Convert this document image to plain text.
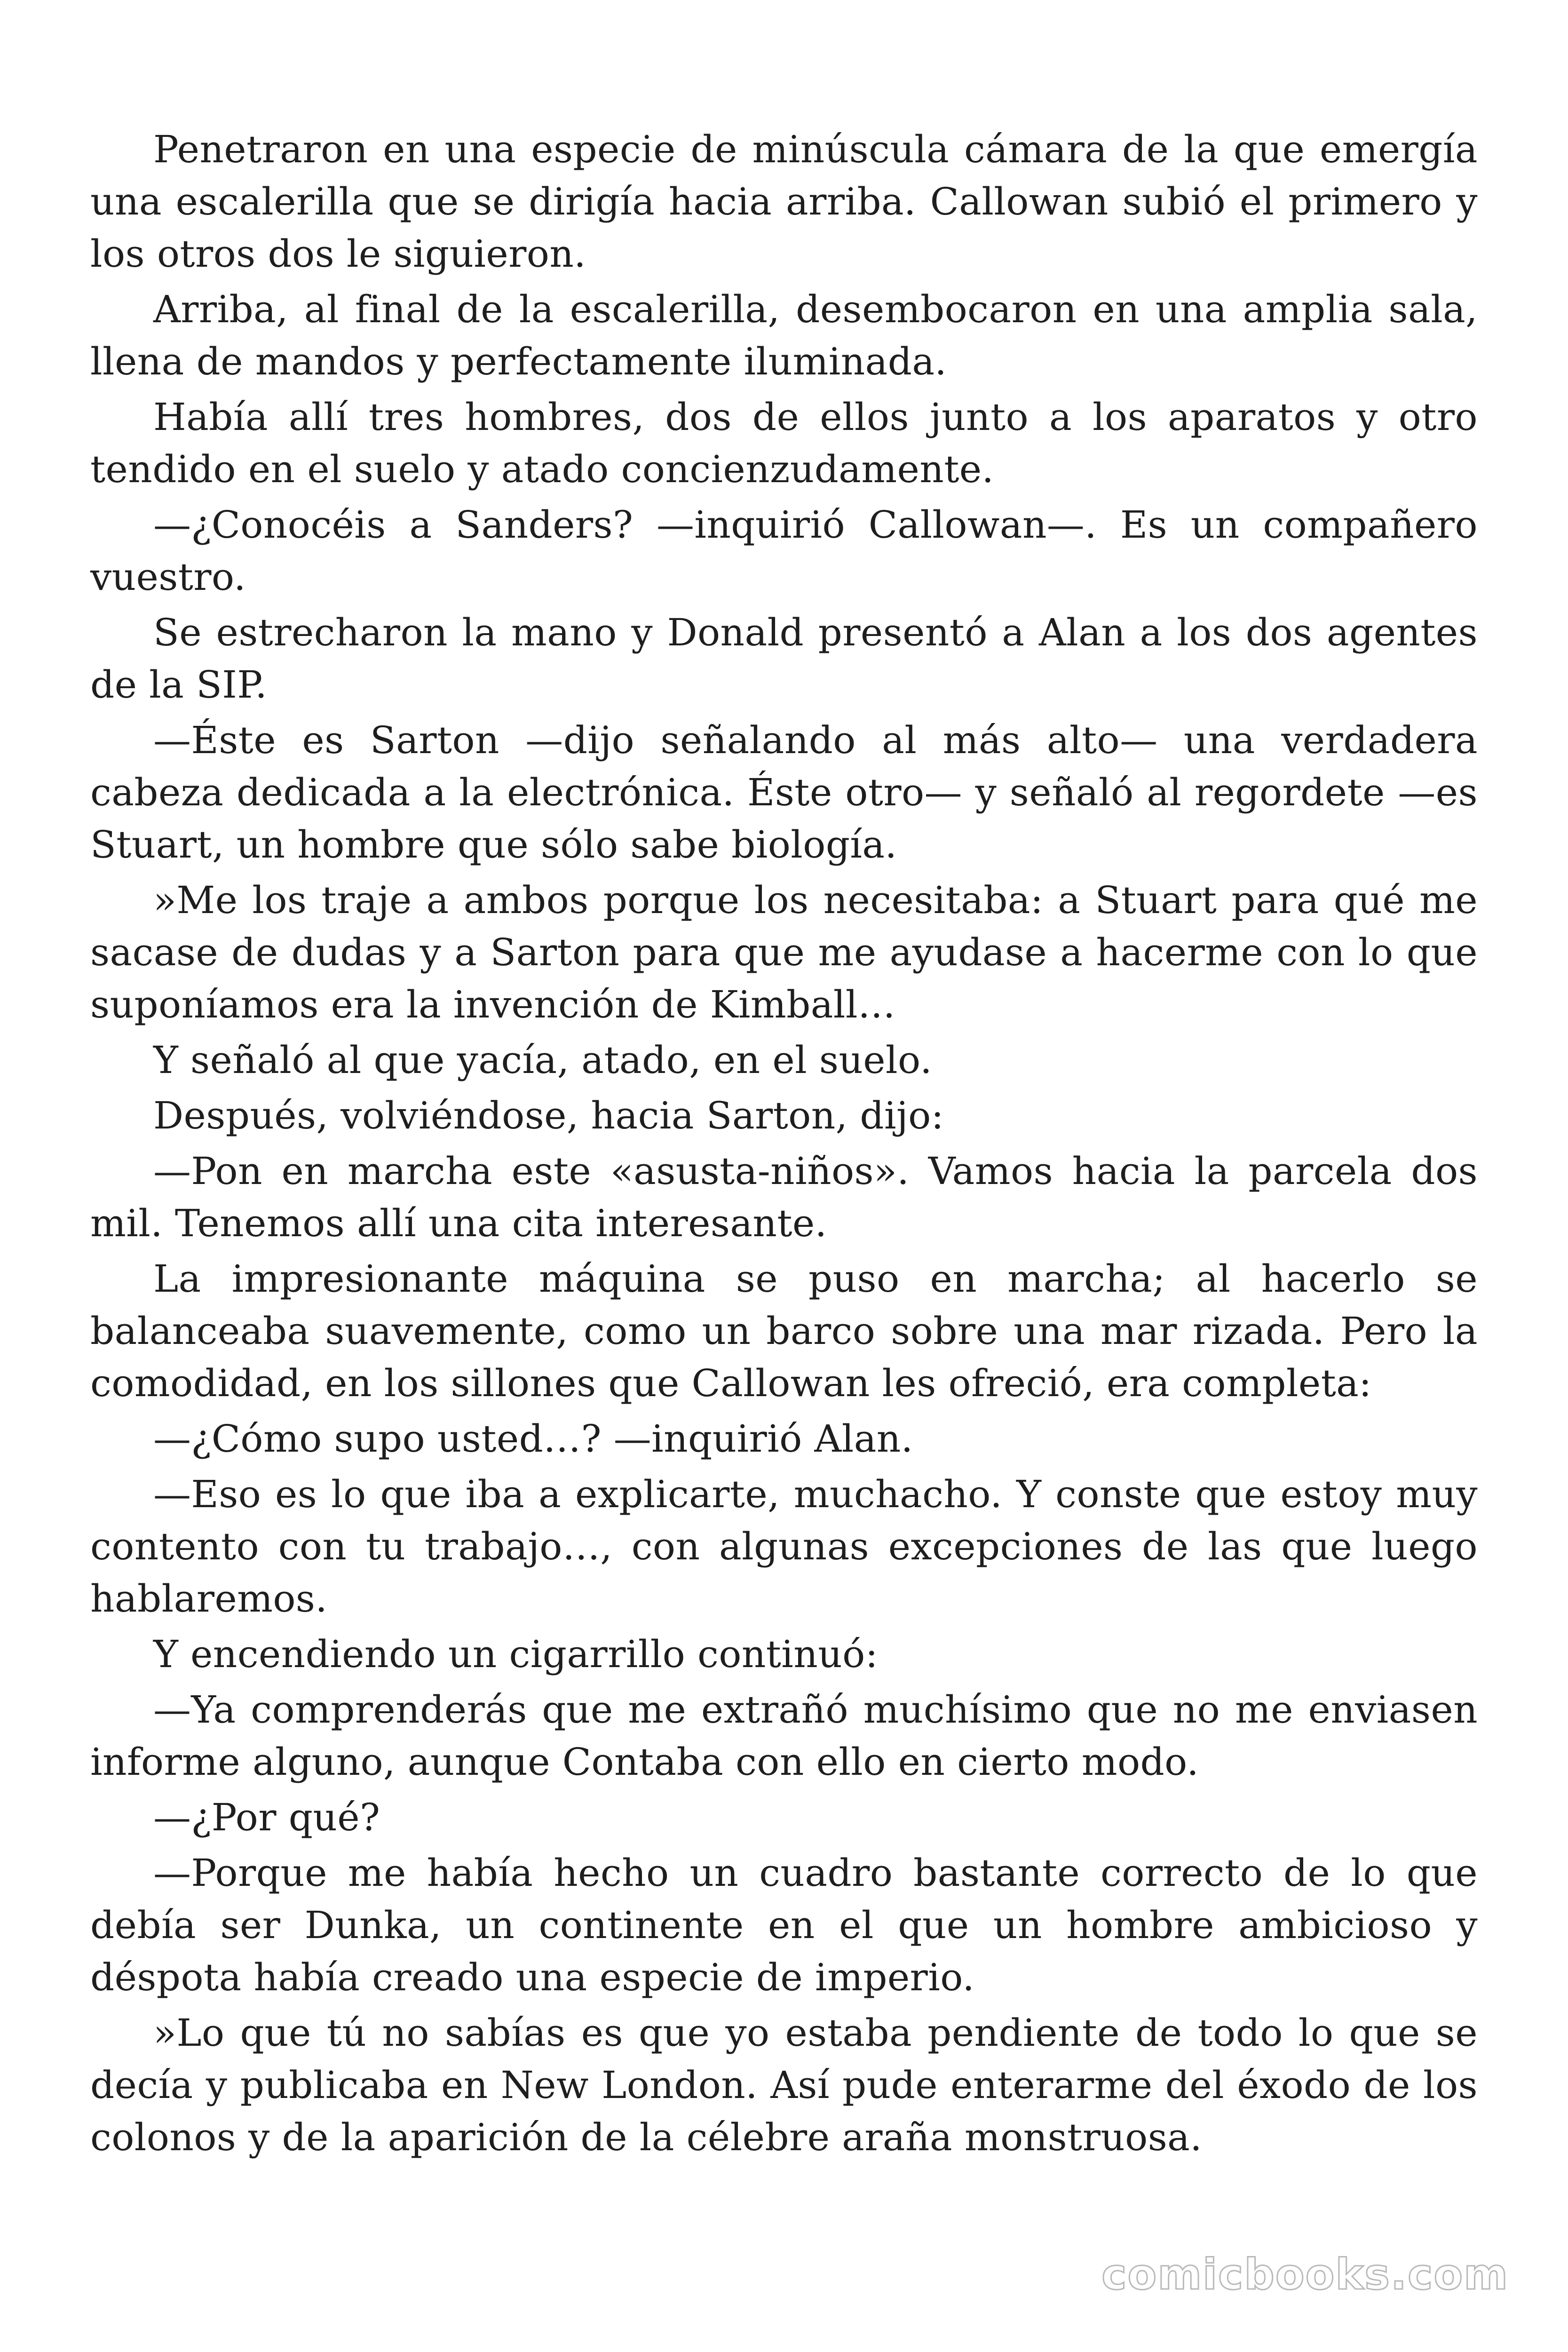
Penetraron en una especie de minúscula cámara de la que emergía una escalerilla que se dirigía hacia arriba. Callowan subió el primero y los otros dos le siguieron.

Arriba, al final de la escalerilla, desembocaron en una amplia sala, llena de mandos y perfectamente iluminada.

Había allí tres hombres, dos de ellos junto a los aparatos y otro tendido en el suelo y atado concienzudamente.

—¿Conocéis a Sanders? —inquirió Callowan—. Es un compañero vuestro.

Se estrecharon la mano y Donald presentó a Alan a los dos agentes de la SIP.

—Éste es Sarton —dijo señalando al más alto— una verdadera cabeza dedicada a la electrónica. Éste otro— y señaló al regordete —es Stuart, un hombre que sólo sabe biología.

»Me los traje a ambos porque los necesitaba: a Stuart para qué me sacase de dudas y a Sarton para que me ayudase a hacerme con lo que suponíamos era la invención de Kimball…

Y señaló al que yacía, atado, en el suelo.

Después, volviéndose, hacia Sarton, dijo:

—Pon en marcha este «asusta-niños». Vamos hacia la parcela dos mil. Tenemos allí una cita interesante.

La impresionante máquina se puso en marcha; al hacerlo se balanceaba suavemente, como un barco sobre una mar rizada. Pero la comodidad, en los sillones que Callowan les ofreció, era completa:

—¿Cómo supo usted…? —inquirió Alan.

—Eso es lo que iba a explicarte, muchacho. Y conste que estoy muy contento con tu trabajo…, con algunas excepciones de las que luego hablaremos.

Y encendiendo un cigarrillo continuó:

—Ya comprenderás que me extrañó muchísimo que no me enviasen informe alguno, aunque Contaba con ello en cierto modo.

—¿Por qué?

—Porque me había hecho un cuadro bastante correcto de lo que debía ser Dunka, un continente en el que un hombre ambicioso y déspota había creado una especie de imperio.

»Lo que tú no sabías es que yo estaba pendiente de todo lo que se decía y publicaba en New London. Así pude enterarme del éxodo de los colonos y de la aparición de la célebre araña monstruosa.

comicbooks.com
